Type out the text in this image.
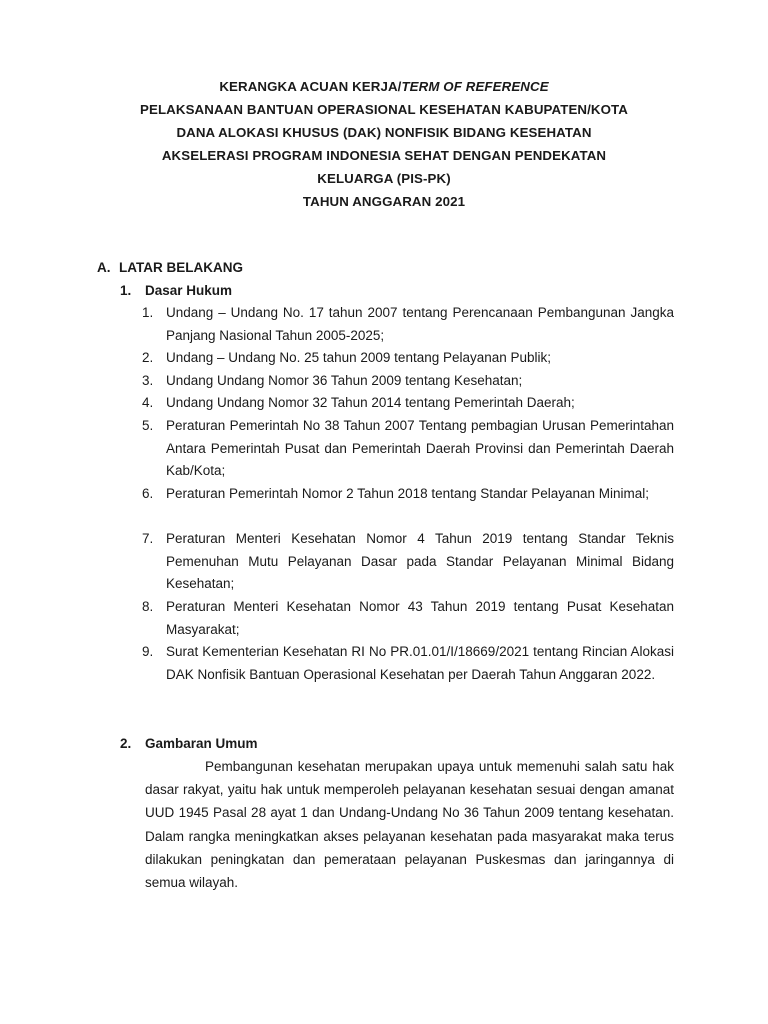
KERANGKA ACUAN KERJA/TERM OF REFERENCE
PELAKSANAAN BANTUAN OPERASIONAL KESEHATAN KABUPATEN/KOTA
DANA ALOKASI KHUSUS (DAK) NONFISIK BIDANG KESEHATAN
AKSELERASI PROGRAM INDONESIA SEHAT DENGAN PENDEKATAN
KELUARGA (PIS-PK)
TAHUN ANGGARAN 2021
A. LATAR BELAKANG
1. Dasar Hukum
1. Undang – Undang No. 17 tahun 2007 tentang Perencanaan Pembangunan Jangka Panjang Nasional Tahun 2005-2025;
2. Undang – Undang No. 25 tahun 2009 tentang Pelayanan Publik;
3. Undang Undang Nomor 36 Tahun 2009 tentang Kesehatan;
4. Undang Undang Nomor 32 Tahun 2014 tentang Pemerintah Daerah;
5. Peraturan Pemerintah No 38 Tahun 2007 Tentang pembagian Urusan Pemerintahan Antara Pemerintah Pusat dan Pemerintah Daerah Provinsi dan Pemerintah Daerah Kab/Kota;
6. Peraturan Pemerintah Nomor 2 Tahun 2018 tentang Standar Pelayanan Minimal;
7. Peraturan Menteri Kesehatan Nomor 4 Tahun 2019 tentang Standar Teknis Pemenuhan Mutu Pelayanan Dasar pada Standar Pelayanan Minimal Bidang Kesehatan;
8. Peraturan Menteri Kesehatan Nomor 43 Tahun 2019 tentang Pusat Kesehatan Masyarakat;
9. Surat Kementerian Kesehatan RI No PR.01.01/I/18669/2021 tentang Rincian Alokasi DAK Nonfisik Bantuan Operasional Kesehatan per Daerah Tahun Anggaran 2022.
2. Gambaran Umum
Pembangunan kesehatan merupakan upaya untuk memenuhi salah satu hak dasar rakyat, yaitu hak untuk memperoleh pelayanan kesehatan sesuai dengan amanat UUD 1945 Pasal 28 ayat 1 dan Undang-Undang No 36 Tahun 2009 tentang kesehatan. Dalam rangka meningkatkan akses pelayanan kesehatan pada masyarakat maka terus dilakukan peningkatan dan pemerataan pelayanan Puskesmas dan jaringannya di semua wilayah.
